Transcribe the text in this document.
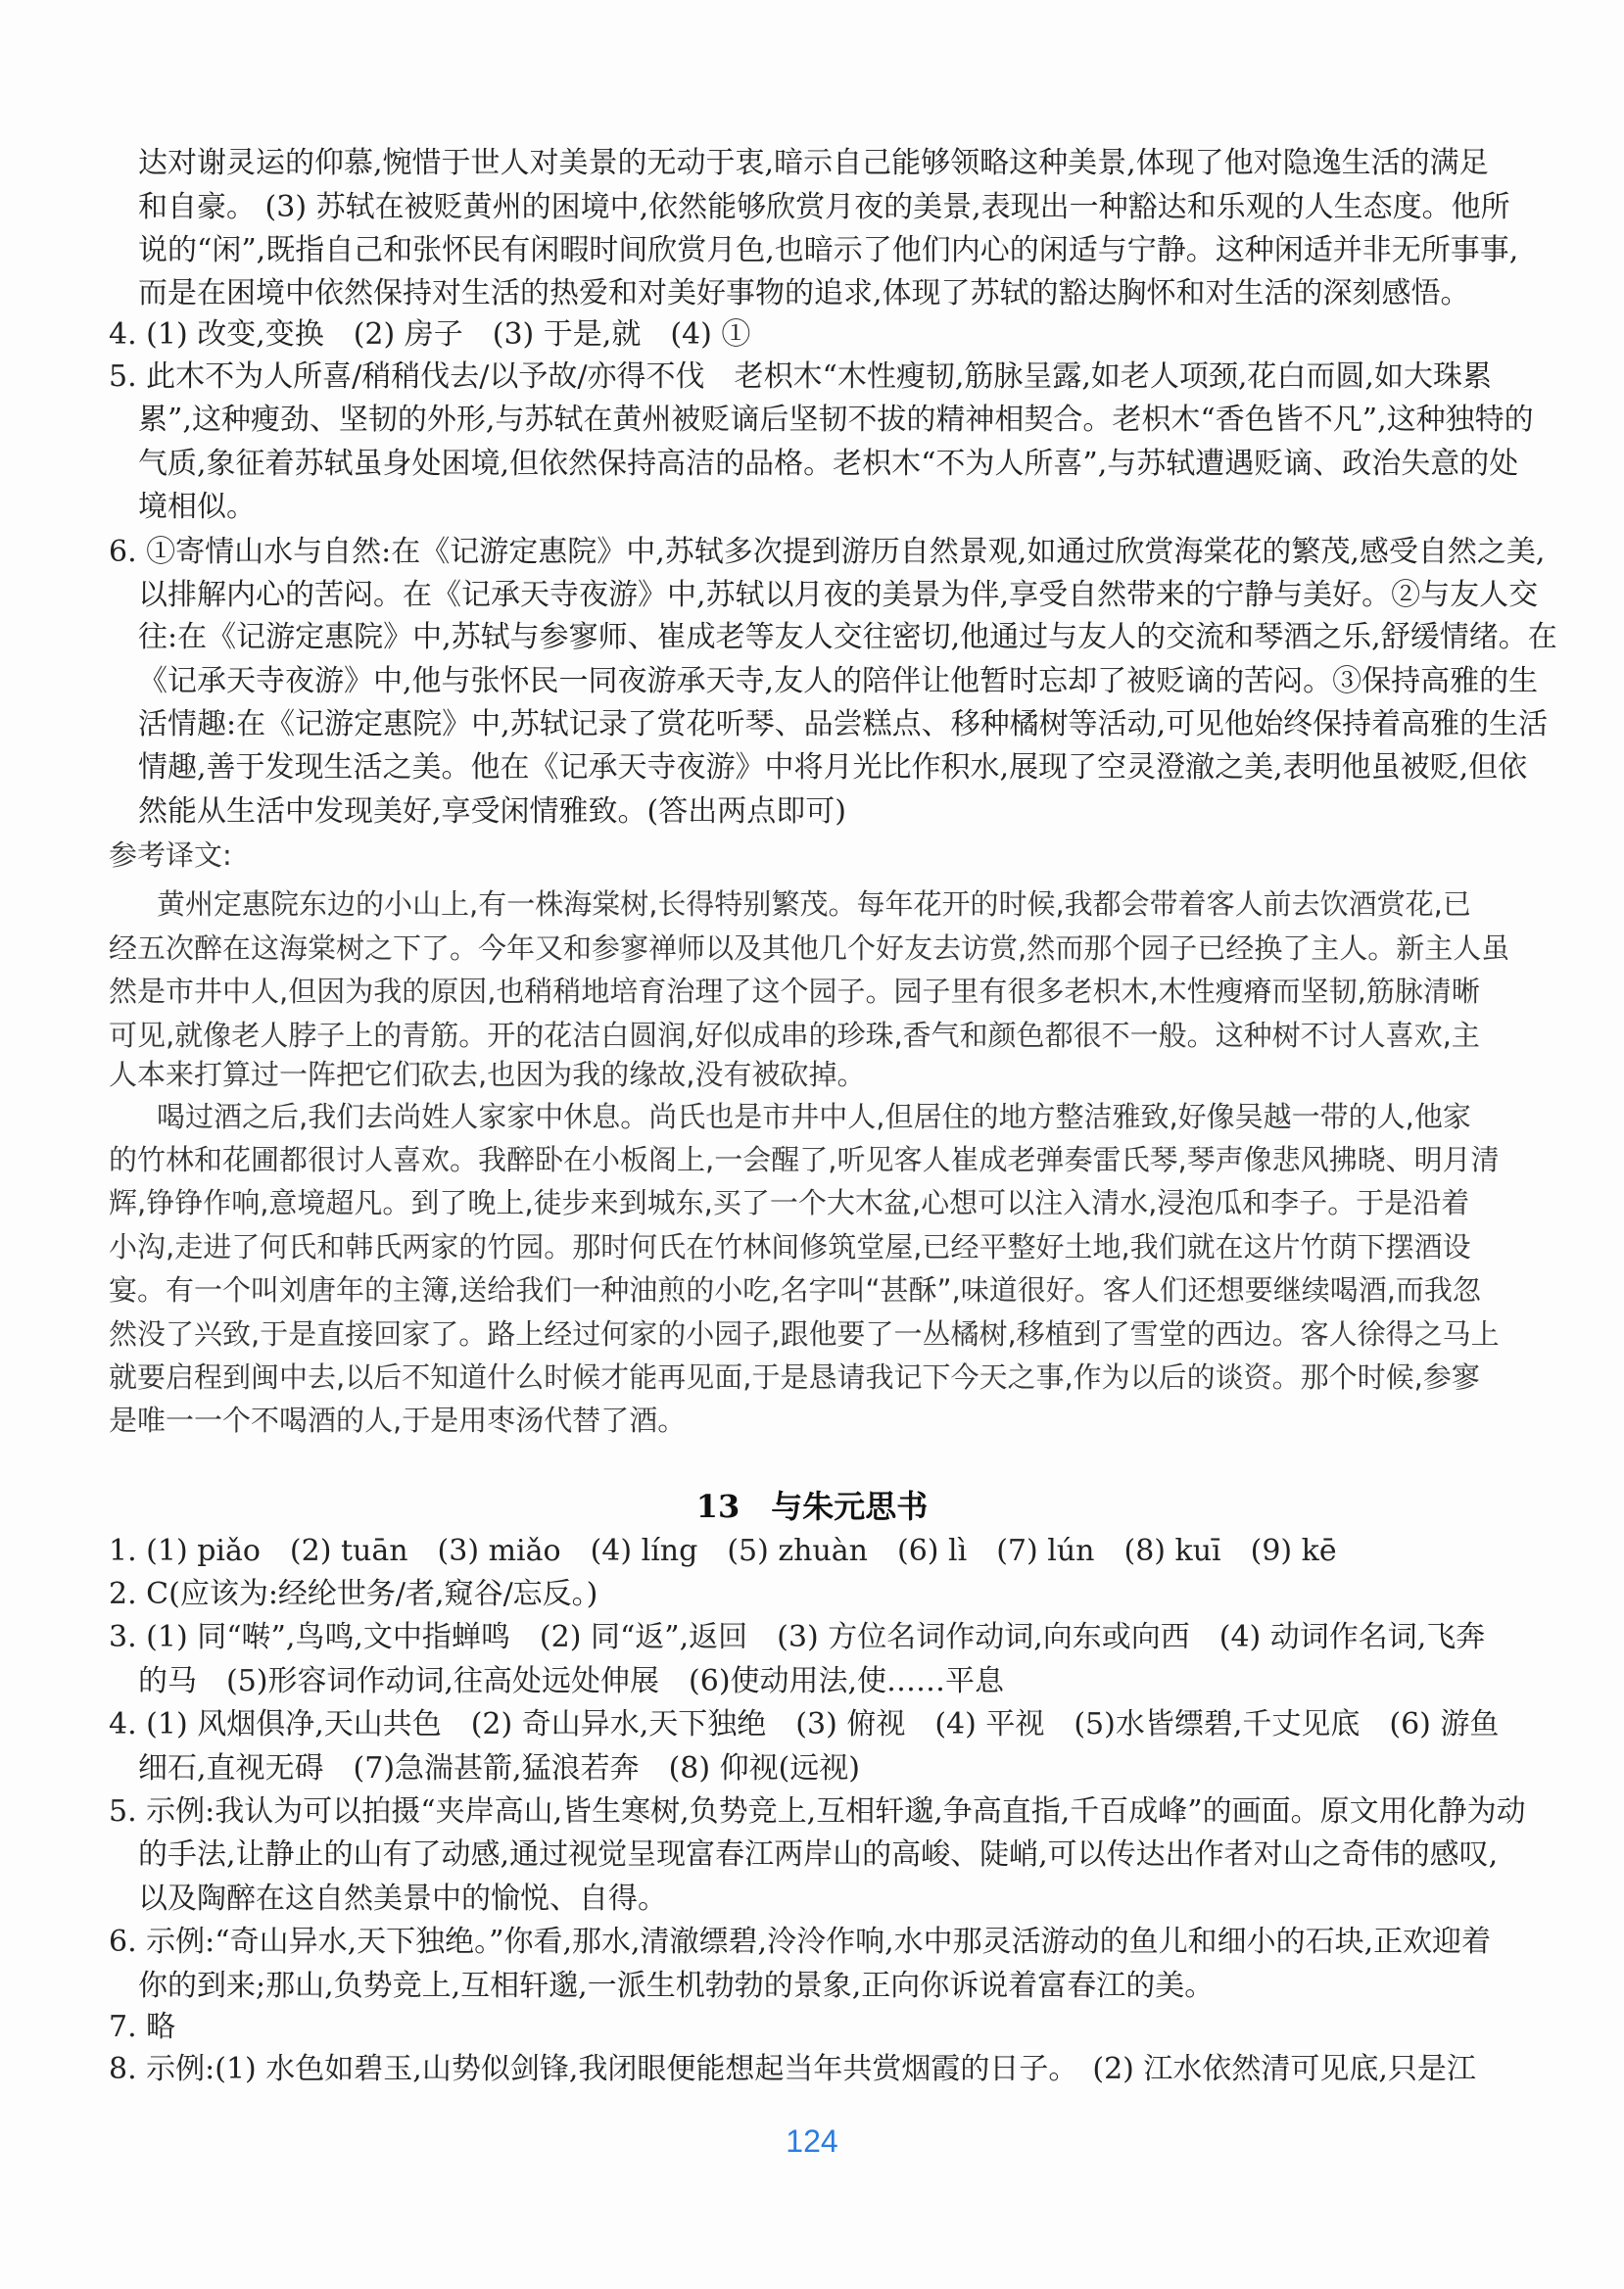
13　与朱元思书
124
达对谢灵运的仰慕,惋惜于世人对美景的无动于衷,暗示自己能够领略这种美景,体现了他对隐逸生活的满足
和自豪。 (3) 苏轼在被贬黄州的困境中,依然能够欣赏月夜的美景,表现出一种豁达和乐观的人生态度。他所
说的“闲”,既指自己和张怀民有闲暇时间欣赏月色,也暗示了他们内心的闲适与宁静。这种闲适并非无所事事,
而是在困境中依然保持对生活的热爱和对美好事物的追求,体现了苏轼的豁达胸怀和对生活的深刻感悟。
4. (1) 改变,变换　(2) 房子　(3) 于是,就　(4) ①
5. 此木不为人所喜/稍稍伐去/以予故/亦得不伐　老枳木“木性瘦韧,筋脉呈露,如老人项颈,花白而圆,如大珠累
累”,这种瘦劲、坚韧的外形,与苏轼在黄州被贬谪后坚韧不拔的精神相契合。老枳木“香色皆不凡”,这种独特的
气质,象征着苏轼虽身处困境,但依然保持高洁的品格。老枳木“不为人所喜”,与苏轼遭遇贬谪、政治失意的处
境相似。
6. ①寄情山水与自然:在《记游定惠院》中,苏轼多次提到游历自然景观,如通过欣赏海棠花的繁茂,感受自然之美,
以排解内心的苦闷。在《记承天寺夜游》中,苏轼以月夜的美景为伴,享受自然带来的宁静与美好。②与友人交
往:在《记游定惠院》中,苏轼与参寥师、崔成老等友人交往密切,他通过与友人的交流和琴酒之乐,舒缓情绪。在
《记承天寺夜游》中,他与张怀民一同夜游承天寺,友人的陪伴让他暂时忘却了被贬谪的苦闷。③保持高雅的生
活情趣:在《记游定惠院》中,苏轼记录了赏花听琴、品尝糕点、移种橘树等活动,可见他始终保持着高雅的生活
情趣,善于发现生活之美。他在《记承天寺夜游》中将月光比作积水,展现了空灵澄澈之美,表明他虽被贬,但依
然能从生活中发现美好,享受闲情雅致。(答出两点即可)
参考译文:
黄州定惠院东边的小山上,有一株海棠树,长得特别繁茂。每年花开的时候,我都会带着客人前去饮酒赏花,已
经五次醉在这海棠树之下了。今年又和参寥禅师以及其他几个好友去访赏,然而那个园子已经换了主人。新主人虽
然是市井中人,但因为我的原因,也稍稍地培育治理了这个园子。园子里有很多老枳木,木性瘦瘠而坚韧,筋脉清晰
可见,就像老人脖子上的青筋。开的花洁白圆润,好似成串的珍珠,香气和颜色都很不一般。这种树不讨人喜欢,主
人本来打算过一阵把它们砍去,也因为我的缘故,没有被砍掉。
喝过酒之后,我们去尚姓人家家中休息。尚氏也是市井中人,但居住的地方整洁雅致,好像吴越一带的人,他家
的竹林和花圃都很讨人喜欢。我醉卧在小板阁上,一会醒了,听见客人崔成老弹奏雷氏琴,琴声像悲风拂晓、明月清
辉,铮铮作响,意境超凡。到了晚上,徒步来到城东,买了一个大木盆,心想可以注入清水,浸泡瓜和李子。于是沿着
小沟,走进了何氏和韩氏两家的竹园。那时何氏在竹林间修筑堂屋,已经平整好土地,我们就在这片竹荫下摆酒设
宴。有一个叫刘唐年的主簿,送给我们一种油煎的小吃,名字叫“甚酥”,味道很好。客人们还想要继续喝酒,而我忽
然没了兴致,于是直接回家了。路上经过何家的小园子,跟他要了一丛橘树,移植到了雪堂的西边。客人徐得之马上
就要启程到闽中去,以后不知道什么时候才能再见面,于是恳请我记下今天之事,作为以后的谈资。那个时候,参寥
是唯一一个不喝酒的人,于是用枣汤代替了酒。
1. (1) piǎo　(2) tuān　(3) miǎo　(4) líng　(5) zhuàn　(6) lì　(7) lún　(8) kuī　(9) kē
2. C(应该为:经纶世务/者,窥谷/忘反。)
3. (1) 同“啭”,鸟鸣,文中指蝉鸣　(2) 同“返”,返回　(3) 方位名词作动词,向东或向西　(4) 动词作名词,飞奔
的马　(5)形容词作动词,往高处远处伸展　(6)使动用法,使……平息
4. (1) 风烟俱净,天山共色　(2) 奇山异水,天下独绝　(3) 俯视　(4) 平视　(5)水皆缥碧,千丈见底　(6) 游鱼
细石,直视无碍　(7)急湍甚箭,猛浪若奔　(8) 仰视(远视)
5. 示例:我认为可以拍摄“夹岸高山,皆生寒树,负势竞上,互相轩邈,争高直指,千百成峰”的画面。原文用化静为动
的手法,让静止的山有了动感,通过视觉呈现富春江两岸山的高峻、陡峭,可以传达出作者对山之奇伟的感叹,
以及陶醉在这自然美景中的愉悦、自得。
6. 示例:“奇山异水,天下独绝。”你看,那水,清澈缥碧,泠泠作响,水中那灵活游动的鱼儿和细小的石块,正欢迎着
你的到来;那山,负势竞上,互相轩邈,一派生机勃勃的景象,正向你诉说着富春江的美。
7. 略
8. 示例:(1) 水色如碧玉,山势似剑锋,我闭眼便能想起当年共赏烟霞的日子。　(2) 江水依然清可见底,只是江
